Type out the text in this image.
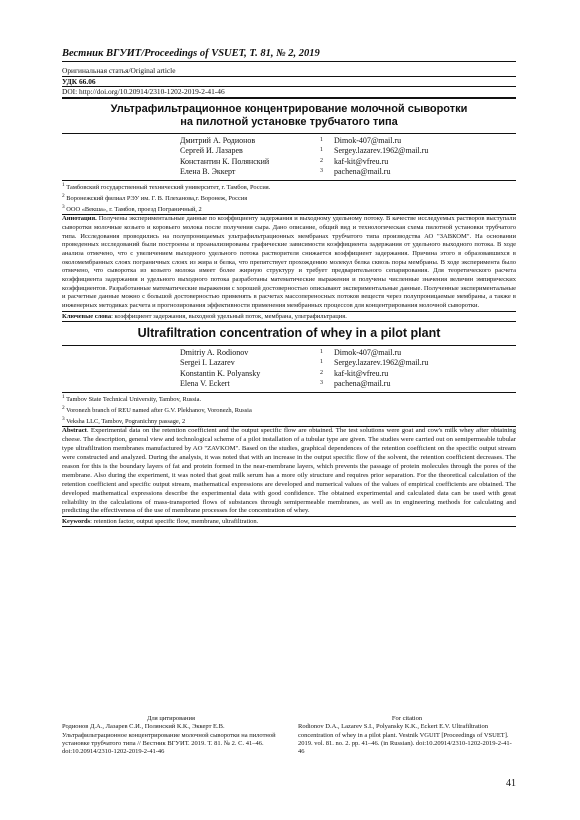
Вестник ВГУИТ/Proceedings of VSUET, Т. 81, № 2, 2019
Оригинальная статья/Original article
УДК 66.06
DOI: http://doi.org/10.20914/2310-1202-2019-2-41-46
Ультрафильтрационное концентрирование молочной сыворотки
на пилотной установке трубчатого типа
Дмитрий А. Родионов	1	Dimok-407@mail.ru
Сергей И. Лазарев	1	Sergey.lazarev.1962@mail.ru
Константин К. Полянский	2	kaf-kit@vfreu.ru
Елена В. Эккерт	3	pachena@mail.ru
$^1$ Тамбовский государственный технический университет, г. Тамбов, Россия.
$^2$ Воронежский филиал РЭУ им. Г. В. Плеханова,г. Воронеж, Россия
$^3$ ООО «Векша», г. Тамбов, проезд Пограничный, 2
Аннотация. Получены экспериментальные данные по коэффициенту задержания и выходному удельному потоку. В качестве исследуемых растворов выступали сыворотки молочные козьего и коровьего молока после получения сыра. Дано описание, общий вид и технологическая схема пилотной установки трубчатого типа. Исследования проводились на полупроницаемых ультрафильтрационных мембранах трубчатого типа производства АО "ЗАВКОМ". На основании проведенных исследований были построены и проанализированы графические зависимости коэффициента задержания от удельного выходного потока. В ходе анализа отмечено, что с увеличением выходного удельного потока растворителя снижается коэффициент задержания. Причина этого в образовавшихся в околомембранных слоях пограничных слоях из жира и белка, что препятствует прохождению молекул белка сквозь поры мембраны. В ходе эксперимента было отмечено, что сыворотка из козьего молока имеет более жирную структуру и требует предварительного сепарирования. Для теоретического расчета коэффициента задержания и удельного выходного потока разработаны математические выражения и получены численные значения величин эмпирических коэффициентов. Разработанные математические выражения с хорошей достоверностью описывают экспериментальные данные. Полученные экспериментальные и расчетные данные можно с большой достоверностью применять в расчетах массопереносных потоков веществ через полупроницаемые мембраны, а также в инженерных методиках расчета и прогнозирования эффективности применения мембранных процессов для концентрирования молочной сыворотки.
Ключевые слова: коэффициент задержания, выходной удельный поток, мембрана, ультрафильтрация.
Ultrafiltration concentration of whey in a pilot plant
Dmitriy A. Rodionov	1	Dimok-407@mail.ru
Sergei I. Lazarev	1	Sergey.lazarev.1962@mail.ru
Konstantin K. Polyansky	2	kaf-kit@vfreu.ru
Elena V. Eckert	3	pachena@mail.ru
$^1$ Tambov State Technical University, Tambov, Russia.
$^2$ Voronezh branch of REU named after G.V. Plekhanov, Voronezh, Russia
$^3$ Veksha LLC, Tambov, Pogranichny passage, 2
Abstract. Experimental data on the retention coefficient and the output specific flow are obtained. The test solutions were goat and cow's milk whey after obtaining cheese. The description, general view and technological scheme of a pilot installation of a tubular type are given. The studies were carried out on semipermeable tubular type ultrafiltration membranes manufactured by AO "ZAVKOM". Based on the studies, graphical dependences of the retention coefficient on the specific output stream were constructed and analyzed. During the analysis, it was noted that with an increase in the output specific flow of the solvent, the retention coefficient decreases. The reason for this is the boundary layers of fat and protein formed in the near-membrane layers, which prevents the passage of protein molecules through the pores of the membrane. Also during the experiment, it was noted that goat milk serum has a more oily structure and requires prior separation. For the theoretical calculation of the retention coefficient and specific output stream, mathematical expressions are developed and numerical values of the values of empirical coefficients are obtained. The developed mathematical expressions describe the experimental data with good confidence. The obtained experimental and calculated data can be used with great reliability in the calculations of mass-transported flows of substances through semipermeable membranes, as well as in engineering methods for calculating and predicting the effectiveness of the use of membrane processes for the concentration of whey.
Keywords: retention factor, output specific flow, membrane, ultrafiltration.
Для цитирования
Родионов Д.А., Лазарев С.И., Полянский К.К., Эккерт Е.В. Ультрафильтрационное концентрирование молочной сыворотки на пилотной установке трубчатого типа // Вестник ВГУИТ. 2019. Т. 81. № 2. С. 41–46. doi:10.20914/2310-1202-2019-2-41-46
For citation
Rodionov D.A., Lazarev S.I., Polyansky K.K., Eckert E.V. Ultrafiltration concentration of whey in a pilot plant. Vestnik VGUIT [Proceedings of VSUET]. 2019. vol. 81. no. 2. pp. 41–46. (in Russian). doi:10.20914/2310-1202-2019-2-41-46
41
